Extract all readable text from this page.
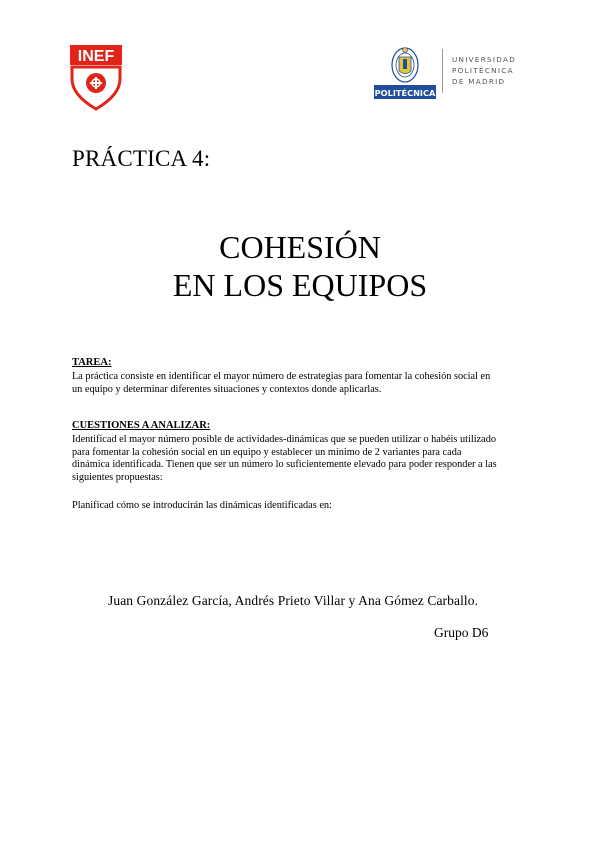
INEF
POLITÉCNICA
UNIVERSIDAD
POLITÉCNICA
DE MADRID
PRÁCTICA 4:
COHESIÓN
EN LOS EQUIPOS
TAREA:
La práctica consiste en identificar el mayor número de estrategias para fomentar la cohesión social en
un equipo y determinar diferentes situaciones y contextos donde aplicarlas.
CUESTIONES A ANALIZAR:
Identificad el mayor número posible de actividades-dinámicas que se pueden utilizar o habéis utilizado
para fomentar la cohesión social en un equipo y establecer un mínimo de 2 variantes para cada
dinámica identificada. Tienen que ser un número lo suficientemente elevado para poder responder a las
siguientes propuestas:
Planificad cómo se introducirán las dinámicas identificadas en:
Juan González García, Andrés Prieto Villar y Ana Gómez Carballo.
Grupo D6
